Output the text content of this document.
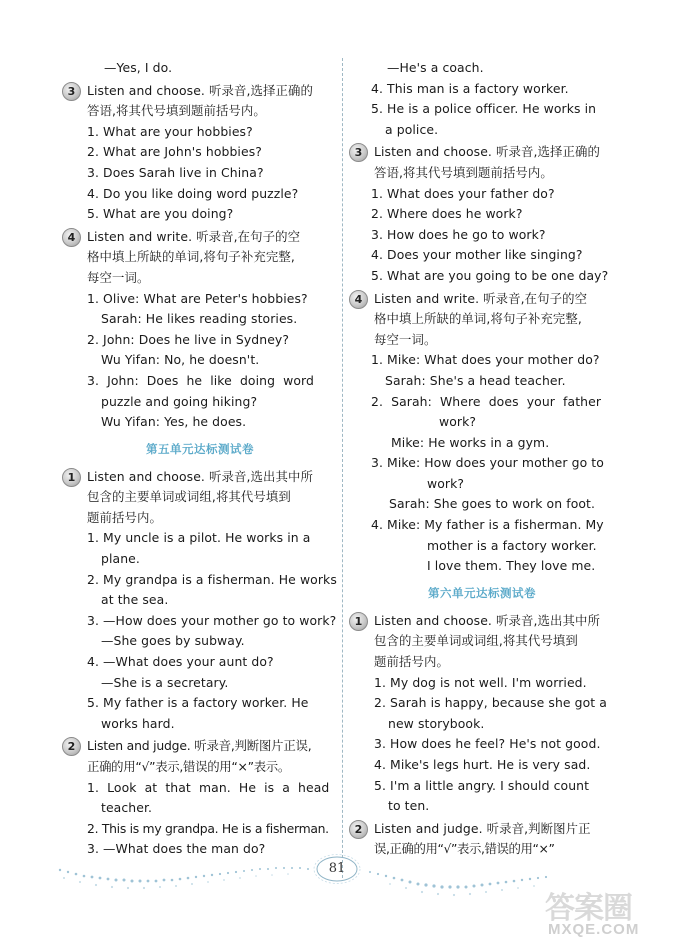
—Yes, I do.
3 Listen and choose. 听录音,选择正确的
答语,将其代号填到题前括号内。
1. What are your hobbies?
2. What are John's hobbies?
3. Does Sarah live in China?
4. Do you like doing word puzzle?
5. What are you doing?
4 Listen and write. 听录音,在句子的空
格中填上所缺的单词,将句子补充完整,
每空一词。
1. Olive: What are Peter's hobbies?
Sarah: He likes reading stories.
2. John: Does he live in Sydney?
Wu Yifan: No, he doesn't.
3.  John:  Does  he  like  doing  word
puzzle and going hiking?
Wu Yifan: Yes, he does.
第五单元达标测试卷
1 Listen and choose. 听录音,选出其中所
包含的主要单词或词组,将其代号填到
题前括号内。
1. My uncle is a pilot. He works in a
plane.
2. My grandpa is a fisherman. He works
at the sea.
3. —How does your mother go to work?
—She goes by subway.
4. —What does your aunt do?
—She is a secretary.
5. My father is a factory worker. He
works hard.
2 Listen and judge. 听录音,判断图片正误,
正确的用“√”表示,错误的用“×”表示。
1.  Look  at  that  man.  He  is  a  head
teacher.
2. This is my grandpa. He is a fisherman.
3. —What does the man do?
—He's a coach.
4. This man is a factory worker.
5. He is a police officer. He works in
a police.
3 Listen and choose. 听录音,选择正确的
答语,将其代号填到题前括号内。
1. What does your father do?
2. Where does he work?
3. How does he go to work?
4. Does your mother like singing?
5. What are you going to be one day?
4 Listen and write. 听录音,在句子的空
格中填上所缺的单词,将句子补充完整,
每空一词。
1. Mike: What does your mother do?
Sarah: She's a head teacher.
2.  Sarah:  Where  does  your  father
work?
Mike: He works in a gym.
3. Mike: How does your mother go to
work?
Sarah: She goes to work on foot.
4. Mike: My father is a fisherman. My
mother is a factory worker.
I love them. They love me.
第六单元达标测试卷
1 Listen and choose. 听录音,选出其中所
包含的主要单词或词组,将其代号填到
题前括号内。
1. My dog is not well. I'm worried.
2. Sarah is happy, because she got a
new storybook.
3. How does he feel? He's not good.
4. Mike's legs hurt. He is very sad.
5. I'm a little angry. I should count
to ten.
2 Listen and judge. 听录音,判断图片正
误,正确的用“√”表示,错误的用“×”
81
答案圈
MXQE.COM
